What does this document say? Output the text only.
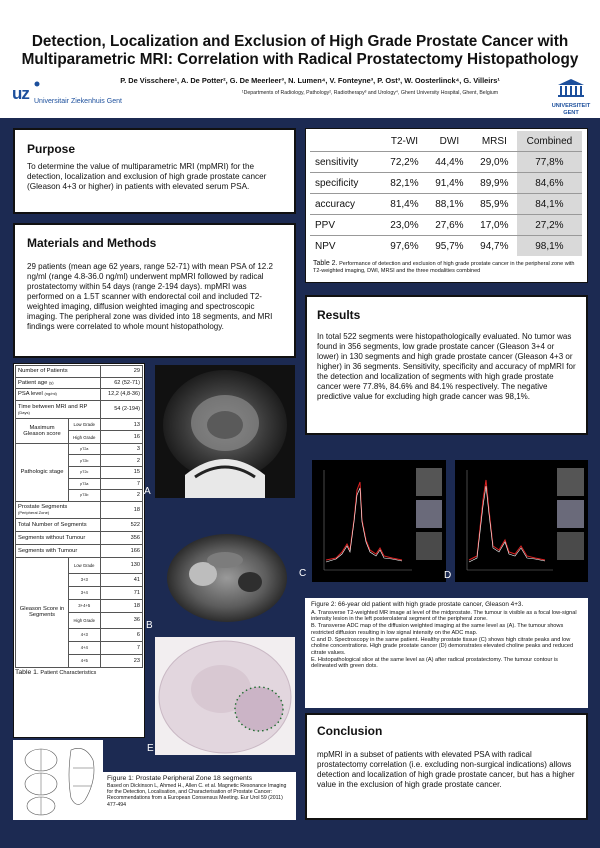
Detection, Localization and Exclusion of High Grade Prostate Cancer with
Multiparametric MRI: Correlation with Radical Prostatectomy Histopathology
P. De Visschere¹, A. De Potter², G. De Meerleer³, N. Lumen⁴, V. Fonteyne³, P. Ost³, W. Oosterlinck⁴, G. Villeirs¹
¹Departments of Radiology, Pathology², Radiotherapy³ and Urology⁴, Ghent University Hospital, Ghent, Belgium
uz Universitair Ziekenhuis Gent
UNIVERSITEIT
GENT
Purpose

To determine the value of multiparametric MRI (mpMRI) for the detection, localization and exclusion of high grade prostate cancer (Gleason 4+3 or higher) in patients with elevated serum PSA.

Materials and Methods

29 patients (mean age 62 years, range 52-71) with mean PSA of 12.2 ng/ml (range 4.8-36.0 ng/ml) underwent mpMRI followed by radical prostatectomy within 54 days (range 2-194 days). mpMRI was performed on a 1.5T scanner with endorectal coil and included T2-weighted imaging, diffusion weighted imaging and spectroscopic imaging. The peripheral zone was divided into 18 segments, and MRI findings were correlated to whole mount histopathology.

	T2-WI	DWI	MRSI	Combined
sensitivity	72,2%	44,4%	29,0%	77,8%
specificity	82,1%	91,4%	89,9%	84,6%
accuracy	81,4%	88,1%	85,9%	84,1%
PPV	23,0%	27,6%	17,0%	27,2%
NPV	97,6%	95,7%	94,7%	98,1%
Table 2. Performance of detection and exclusion of high grade prostate cancer in the peripheral zone with T2-weighted imaging, DWI, MRSI and the three modalities combined
Results

In total 522 segments were histopathologically evaluated. No tumor was found in 356 segments, low grade prostate cancer (Gleason 3+4 or lower) in 130 segments and high grade prostate cancer (Gleason 4+3 or higher) in 36 segments. Sensitivity, specificity and accuracy of mpMRI for the detection and localization of segments with high grade prostate cancer were 77.8%, 84.6% and 84.1% respectively. The negative predictive value for excluding high grade cancer was 98,1%.

Number of Patients		29
Patient age (y)		62 (52-71)
PSA level (ng/ml)		12,2 (4,8-36)

Time between MRI and RP
(Days)		54 (2-194)
Maximum Gleason score	Low Grade	13
	High Grade	16
Pathologic stage	pT2a	3
	pT2b	2
	pT2c	15
	pT3a	7
	pT3b	2

Prostate Segments
(Peripheral Zone)		18
Total Number of Segments		522
Segments without Tumour		356
Segments with Tumour		166
Gleason Score in Segments	Low Grade	130
	3+3	41
	3+4	71
	3+4+5	18
	High Grade	36
	4+3	6
	4+4	7
	4+5	23
Table 1. Patient Characteristics
A
B
C	D
Figure 2: 66-year old patient with high grade prostate cancer, Gleason 4+3.
A. Transverse T2-weighted MR image at level of the midprostate. The tumour is visible as a focal low-signal intensity lesion in the left posterolateral segment of the peripheral zone.
B. Transverse ADC map of the diffusion weighted imaging at the same level as (A). The tumour shows restricted diffusion resulting in low signal intensity on the ADC map.
C and D. Spectroscopy in the same patient. Healthy prostate tissue (C) shows high citrate peaks and low choline concentrations. High grade prostate cancer (D) demonstrates elevated choline peaks and reduced citrate values.
E. Histopathological slice at the same level as (A) after radical prostatectomy. The tumour contour is delineated with green dots.
E
Figure 1: Prostate Peripheral Zone 18 segments
Based on Dickinson L, Ahmed H., Allen C. et al. Magnetic Resonance Imaging for the Detection, Localisation, and Characterisation of Prostate Cancer: Recommendations from a European Consensus Meeting. Eur Urol 59 (2011) 477-494
Conclusion

mpMRI in a subset of patients with elevated PSA with radical prostatectomy correlation (i.e. excluding non-surgical indications) allows detection and localization of high grade prostate cancer, but has a higher value in the exclusion of high grade prostate cancer.
